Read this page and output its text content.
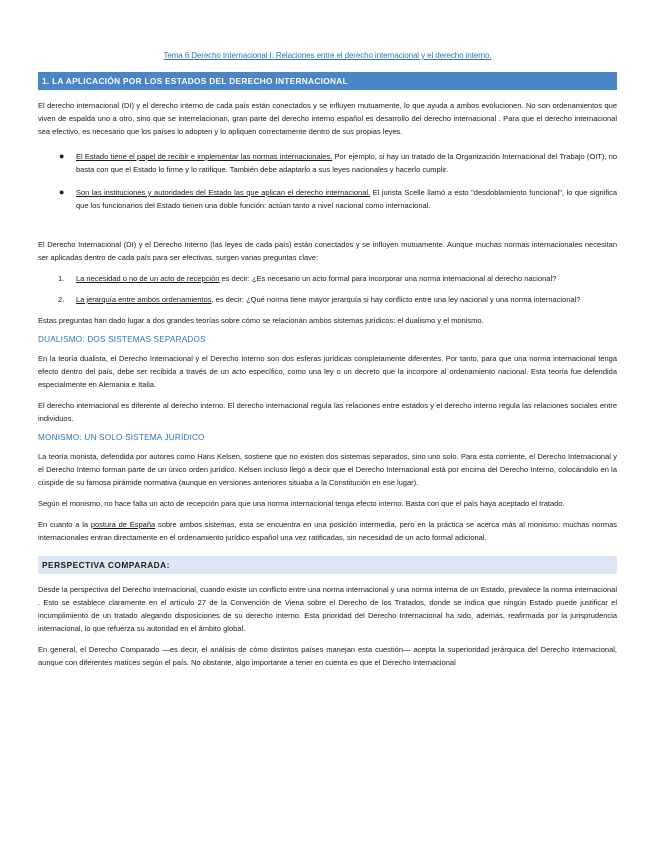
Tema 6 Derecho Internacional I: Relaciones entre el derecho internacional y el derecho interno.
1. LA APLICACIÓN POR LOS ESTADOS DEL DERECHO INTERNACIONAL

El derecho internacional (DI) y el derecho interno de cada país están conectados y se influyen mutuamente, lo que ayuda a ambos evolucionen. No son ordenamientos que viven de espalda uno a otro, sino que se interrelacionan, gran parte del derecho interno español es desarrollo del derecho internacional . Para que el derecho internacional sea efectivo, es necesario que los países lo adopten y lo apliquen correctamente dentro de sus propias leyes.

● El Estado tiene el papel de recibir e implementar las normas internacionales. Por ejemplo, si hay un tratado de la Organización Internacional del Trabajo (OIT), no basta con que el Estado lo firme y lo ratifique. También debe adaptarlo a sus leyes nacionales y hacerlo cumplir.
● Son las instituciones y autoridades del Estado las que aplican el derecho internacional. El jurista Scelle llamó a esto "desdoblamiento funcional", lo que significa que los funcionarios del Estado tienen una doble función: actúan tanto a nivel nacional como internacional.

El Derecho Internacional (DI) y el Derecho Interno (las leyes de cada país) están conectados y se influyen mutuamente. Aunque muchas normas internacionales necesitan ser aplicadas dentro de cada país para ser efectivas, surgen varias preguntas clave:

1. La necesidad o no de un acto de recepción es decir: ¿Es necesario un acto formal para incorporar una norma internacional al derecho nacional?
2. La jerarquía entre ambos ordenamientos, es decir: ¿Qué norma tiene mayor jerarquía si hay conflicto entre una ley nacional y una norma internacional?

Estas preguntas han dado lugar a dos grandes teorías sobre cómo se relacionan ambos sistemas jurídicos: el dualismo y el monismo.

DUALISMO: DOS SISTEMAS SEPARADOS

En la teoría dualista, el Derecho Internacional y el Derecho Interno son dos esferas jurídicas completamente diferentes. Por tanto, para que una norma internacional tenga efecto dentro del país, debe ser recibida a través de un acto específico, como una ley o un decreto que la incorpore al ordenamiento nacional. Esta teoría fue defendida especialmente en Alemania e Italia.

El derecho internacional es diferente al derecho interno. El derecho internacional regula las relaciones entre estados y el derecho interno regula las relaciones sociales entre individuos.

MONISMO: UN SOLO SISTEMA JURÍDICO

La teoría monista, defendida por autores como Hans Kelsen, sostiene que no existen dos sistemas separados, sino uno solo. Para esta corriente, el Derecho Internacional y el Derecho Interno forman parte de un único orden jurídico. Kelsen incluso llegó a decir que el Derecho Internacional está por encima del Derecho Interno, colocándolo en la cúspide de su famosa pirámide normativa (aunque en versiones anteriores situaba a la Constitución en ese lugar).

Según el monismo, no hace falta un acto de recepción para que una norma internacional tenga efecto interno. Basta con que el país haya aceptado el tratado.

En cuanto a la postura de España sobre ambos sistemas, esta se encuentra en una posición intermedia, pero en la práctica se acerca más al monismo: muchas normas internacionales entran directamente en el ordenamiento jurídico español una vez ratificadas, sin necesidad de un acto formal adicional.

PERSPECTIVA COMPARADA:

Desde la perspectiva del Derecho Internacional, cuando existe un conflicto entre una norma internacional y una norma interna de un Estado, prevalece la norma internacional . Esto se establece claramente en el artículo 27 de la Convención de Viena sobre el Derecho de los Tratados, donde se indica que ningún Estado puede justificar el incumplimiento de un tratado alegando disposiciones de su derecho interno. Esta prioridad del Derecho Internacional ha sido, además, reafirmada por la jurisprudencia internacional, lo que refuerza su autoridad en el ámbito global.

En general, el Derecho Comparado —es decir, el análisis de cómo distintos países manejan esta cuestión— acepta la superioridad jerárquica del Derecho Internacional, aunque con diferentes matices según el país. No obstante, algo importante a tener en cuenta es que el Derecho Internacional
